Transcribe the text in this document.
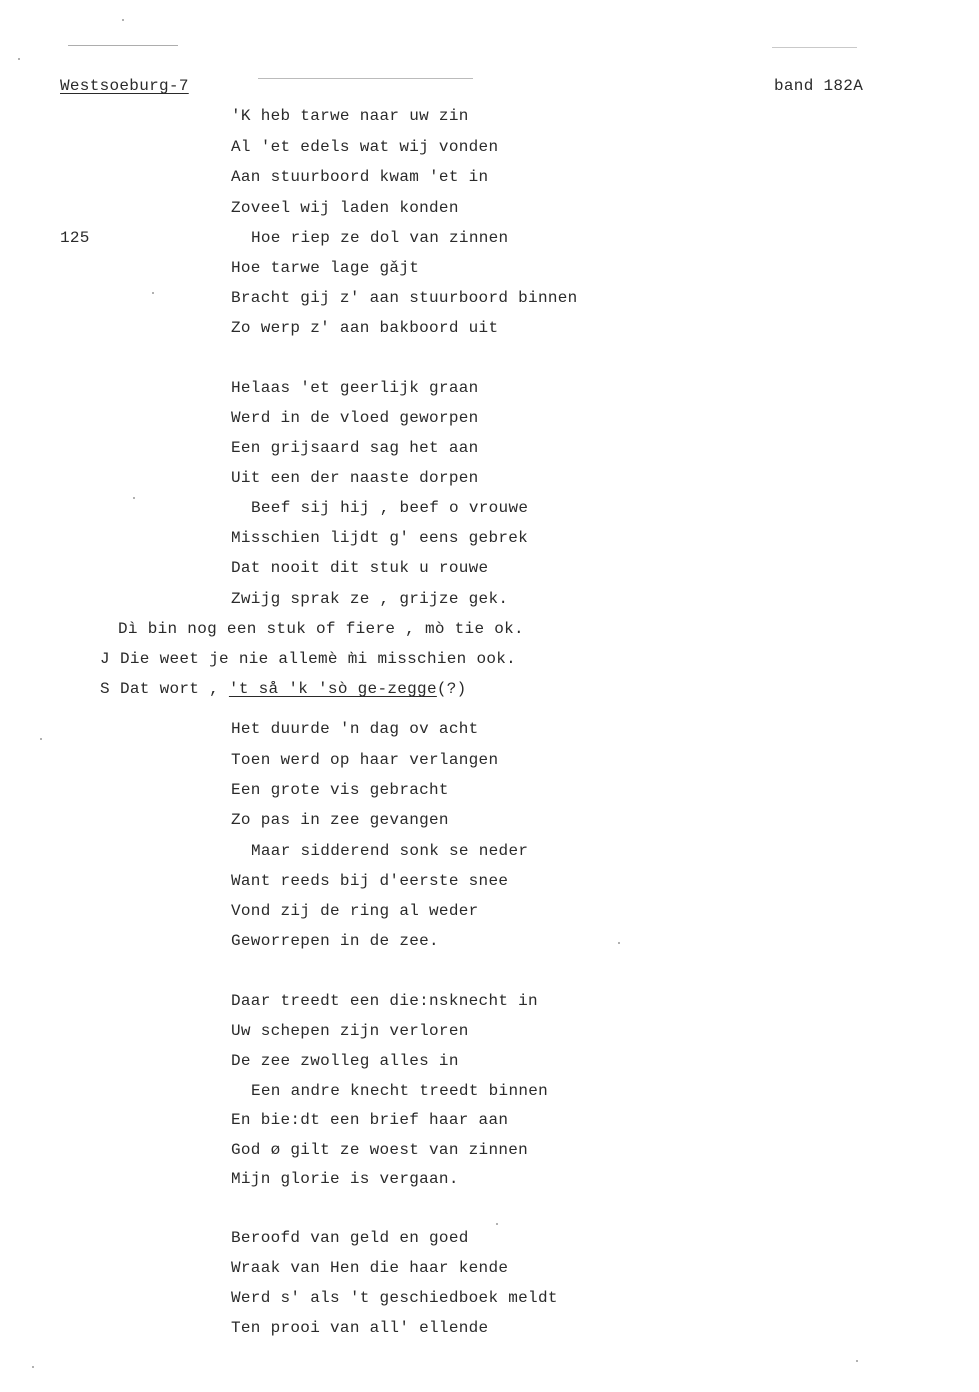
Westsoeburg-7	band 182A
125
'K heb tarwe naar uw zin
Al 'et edels wat wij vonden
Aan stuurboord kwam 'et in
Zoveel wij laden konden
Hoe riep ze dol van zinnen
Hoe tarwe lage gǎjt
Bracht gij z' aan stuurboord binnen
Zo werp z' aan bakboord uit
Helaas 'et geerlijk graan
Werd in de vloed geworpen
Een grijsaard sag het aan
Uit een der naaste dorpen
Beef sij hij , beef o vrouwe
Misschien lijdt g' eens gebrek
Dat nooit dit stuk u rouwe
Zwijg sprak ze , grijze gek.
Dì bin nog een stuk of fiere , mò tie ok.
J Die weet je nie allemè m̀i misschien ook.
S Dat wort , 't så 'k 'sò ge-zegge(?)
Het duurde 'n dag ov acht
Toen werd op haar verlangen
Een grote vis gebracht
Zo pas in zee gevangen
Maar sidderend sonk se neder
Want reeds bij d'eerste snee
Vond zij de ring al weder
Geworrepen in de zee.
Daar treedt een die:nsknecht in
Uw schepen zijn verloren
De zee zwolleg alles in
Een andre knecht treedt binnen
En bie:dt een brief haar aan
God ø gilt ze woest van zinnen
Mijn glorie is vergaan.
Beroofd van geld en goed
Wraak van Hen die haar kende
Werd s' als 't geschiedboek meldt
Ten prooi van all' ellende
